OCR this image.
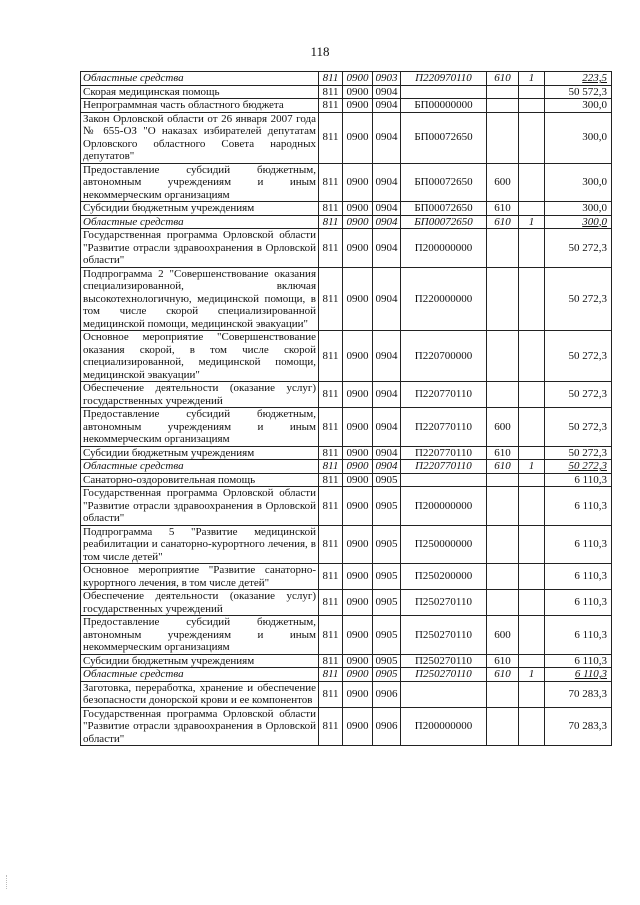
118
Областные средства	811	0900	0903	П220970110	610	1	223,5
Скорая медицинская помощь	811	0900	0904				50 572,3
Непрограммная часть областного бюджета	811	0900	0904	БП00000000			300,0
Закон Орловской области от 26 января 2007 года № 655-ОЗ "О наказах избирателей депутатам Орловского областного Совета народных депутатов"	811	0900	0904	БП00072650			300,0
Предоставление субсидий бюджетным, автономным учреждениям и иным некоммерческим организациям	811	0900	0904	БП00072650	600		300,0
Субсидии бюджетным учреждениям	811	0900	0904	БП00072650	610		300,0
Областные средства	811	0900	0904	БП00072650	610	1	300,0
Государственная программа Орловской области "Развитие отрасли здравоохранения в Орловской области"	811	0900	0904	П200000000			50 272,3
Подпрограмма 2 "Совершенствование оказания специализированной, включая высокотехнологичную, медицинской помощи, в том числе скорой специализированной медицинской помощи, медицинской эвакуации"	811	0900	0904	П220000000			50 272,3
Основное мероприятие "Совершенствование оказания скорой, в том числе скорой специализированной, медицинской помощи, медицинской эвакуации"	811	0900	0904	П220700000			50 272,3
Обеспечение деятельности (оказание услуг) государственных учреждений	811	0900	0904	П220770110			50 272,3
Предоставление субсидий бюджетным, автономным учреждениям и иным некоммерческим организациям	811	0900	0904	П220770110	600		50 272,3
Субсидии бюджетным учреждениям	811	0900	0904	П220770110	610		50 272,3
Областные средства	811	0900	0904	П220770110	610	1	50 272,3
Санаторно-оздоровительная помощь	811	0900	0905				6 110,3
Государственная программа Орловской области "Развитие отрасли здравоохранения в Орловской области"	811	0900	0905	П200000000			6 110,3
Подпрограмма 5 "Развитие медицинской реабилитации и санаторно-курортного лечения, в том числе детей"	811	0900	0905	П250000000			6 110,3
Основное мероприятие "Развитие санаторно-курортного лечения, в том числе детей"	811	0900	0905	П250200000			6 110,3
Обеспечение деятельности (оказание услуг) государственных учреждений	811	0900	0905	П250270110			6 110,3
Предоставление субсидий бюджетным, автономным учреждениям и иным некоммерческим организациям	811	0900	0905	П250270110	600		6 110,3
Субсидии бюджетным учреждениям	811	0900	0905	П250270110	610		6 110,3
Областные средства	811	0900	0905	П250270110	610	1	6 110,3
Заготовка, переработка, хранение и обеспечение безопасности донорской крови и ее компонентов	811	0900	0906				70 283,3
Государственная программа Орловской области "Развитие отрасли здравоохранения в Орловской области"	811	0900	0906	П200000000			70 283,3
